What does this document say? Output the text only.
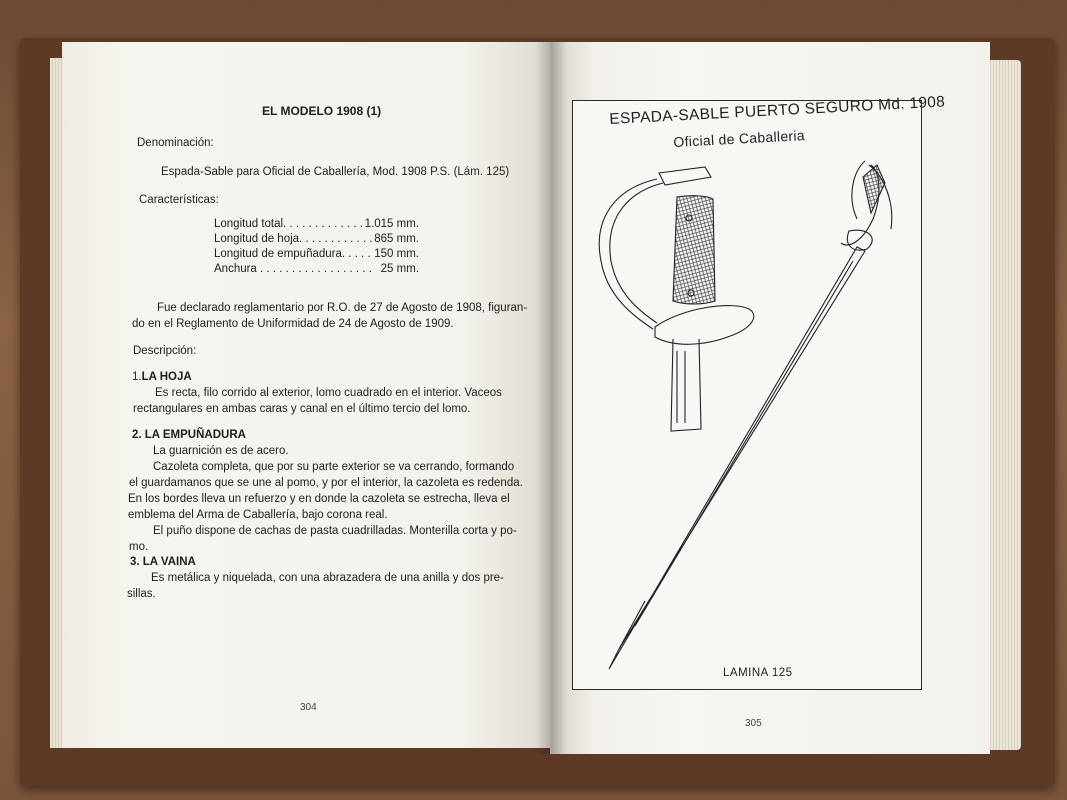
EL MODELO 1908 (1)
Denominación:
Espada-Sable para Oficial de Caballería, Mod. 1908 P.S. (Lám. 125)
Características:
Longitud total. . . . . . . . . . . . . 1.015 mm.
Longitud de hoja. . . . . . . . . . . . 865 mm.
Longitud de empuñadura. . . . . 150 mm.
Anchura . . . . . . . . . . . . . . . . . . 25 mm.
Fue declarado reglamentario por R.O. de 27 de Agosto de 1908, figuran-
do en el Reglamento de Uniformidad de 24 de Agosto de 1909.
Descripción:
1.LA HOJA
Es recta, filo corrido al exterior, lomo cuadrado en el interior. Vaceos
rectangulares en ambas caras y canal en el último tercio del lomo.
2. LA EMPUÑADURA
La guarnición es de acero.
Cazoleta completa, que por su parte exterior se va cerrando, formando
el guardamanos que se une al pomo, y por el interior, la cazoleta es redenda.
En los bordes lleva un refuerzo y en donde la cazoleta se estrecha, lleva el
emblema del Arma de Caballería, bajo corona real.
El puño dispone de cachas de pasta cuadrilladas. Monterilla corta y po-
mo.
3. LA VAINA
Es metálica y niquelada, con una abrazadera de una anilla y dos pre-
sillas.
304
305
ESPADA-SABLE PUERTO SEGURO Md. 1908
Oficial de Caballeria
LAMINA 125
